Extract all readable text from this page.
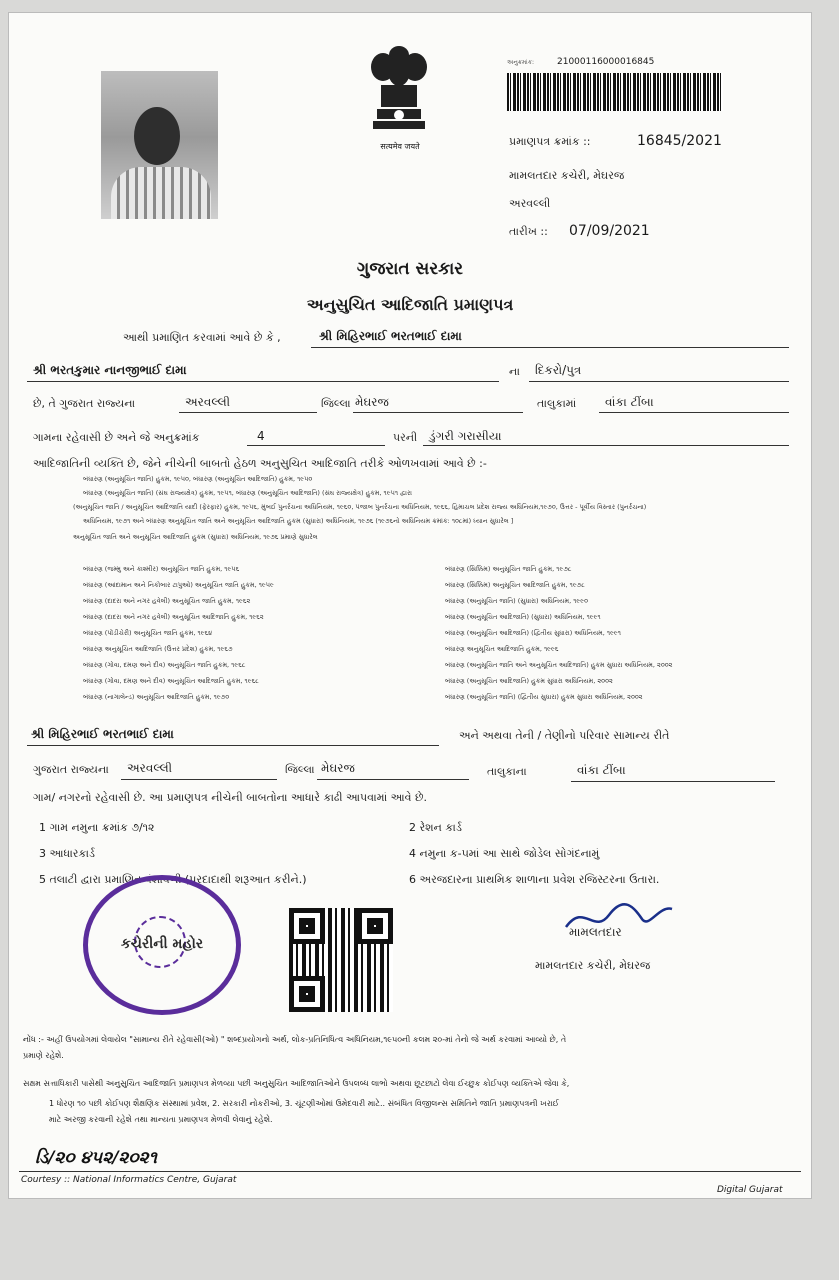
सत्यमेव जयते
અનુક્રમાંક:	21000116000016845
પ્રમાણપત્ર ક્રમાંક ::	16845/2021
મામલતદાર કચેરી, મેઘરજ
અરવલ્લી
તારીખ :: 07/09/2021
ગુજરાત સરકાર
અનુસુચિત આદિજાતિ પ્રમાણપત્ર
આથી પ્રમાણિત કરવામાં આવે છે કે ,	શ્રી મિહિરભાઈ ભરતભાઈ દામા
શ્રી ભરતકુમાર નાનજીભાઈ દામા	ના દિકરો/પુત્ર
છે, તે ગુજરાત રાજ્યના	અરવલ્લી	જિલ્લા મેઘરજ	તાલુકામાં વાંકા ટીંબા
ગામના રહેવાસી છે અને જે અનુક્રમાંક	4	પરની ડુંગરી ગરાસીયા
આદિજાતિની વ્યક્તિ છે, જેને નીચેની બાબતો હેઠળ અનુસુચિત આદિજાતિ તરીકે ઓળખવામાં આવે છે :-
બંધારણ (અનુસૂચિત જાતિ) હુકમ, ૧૯૫૦, બંધારણ (અનુસૂચિત આદિજાતિ) હુકમ, ૧૯૫૦
બંધારણ (અનુસૂચિત જાતિ) (સંઘ રાજ્યક્ષેત્ર) હુકમ, ૧૯૫૧, બંધારણ (અનુસૂચિત આદિજાતિ) (સંઘ રાજ્યક્ષેત્ર) હુકમ, ૧૯૫૧ દ્વારા
(અનુસૂચિત જાતિ / અનુસૂચિત આદિજાતિ યાદી (ફેરફાર) હુકમ, ૧૯૫૬, મુંબઈ પુનર્રચના અધિનિયમ, ૧૯૬૦, પંજાબ પુનર્રચના અધિનિયમ, ૧૯૬૬, હિમાચલ પ્રદેશ રાજ્ય અધિનિયમ,૧૯૭૦, ઉત્તર - પૂર્વીય વિસ્તાર (પુનર્રચના)
અધિનિયમ, ૧૯૭૧ અને બંધારણ અનુસૂચિત જાતિ અને અનુસૂચિત આદિજાતિ હુકમ (સુધારા) અધિનિયમ, ૧૯૭૬ (૧૯૭૬નો અધિનિયમ ક્રમાંક: ૧૦૮માં) ધ્યાન સુધારેલ ]
અનુસૂચિત જાતિ અને અનુસૂચિત આદિજાતિ હુકમ (સુધારા) અધિનિયમ, ૧૯૭૬ પ્રમાણે સુધારેલ
બંધારણ (જમ્મુ અને કાશ્મીર) અનુસૂચિત જાતિ હુકમ, ૧૯૫૬
બંધારણ (આંદામાન અને નિકોબાર ટાપુઓ) અનુસૂચિત જાતિ હુકમ, ૧૯૫૯
બંધારણ (દાદરા અને નગર હવેલી) અનુસૂચિત જાતિ હુકમ, ૧૯૬૨
બંધારણ (દાદરા અને નગર હવેલી) અનુસૂચિત આદિજાતિ હુકમ, ૧૯૬૨
બંધારણ (પોંડીચેરી) અનુસૂચિત જાતિ હુકમ, ૧૯૬૪
બંધારણ અનુસૂચિત આદિજાતિ (ઉત્તર પ્રદેશ) હુકમ, ૧૯૬૭
બંધારણ (ગોવા, દમણ અને દીવ) અનુસૂચિત જાતિ હુકમ, ૧૯૬૮
બંધારણ (ગોવા, દમણ અને દીવ) અનુસૂચિત આદિજાતિ હુકમ, ૧૯૬૮
બંધારણ (નાગાલેન્ડ) અનુસૂચિત આદિજાતિ હુકમ, ૧૯૭૦
બંધારણ (સિક્કિમ) અનુસૂચિત જાતિ હુકમ, ૧૯૭૮
બંધારણ (સિક્કિમ) અનુસૂચિત આદિજાતિ હુકમ, ૧૯૭૮
બંધારણ (અનુસૂચિત જાતિ) (સુધારા) અધિનિયમ, ૧૯૯૦
બંધારણ (અનુસૂચિત આદિજાતિ) (સુધારા) અધિનિયમ, ૧૯૯૧
બંધારણ (અનુસૂચિત આદિજાતિ) (દ્વિતીય સુધારા) અધિનિયમ, ૧૯૯૧
બંધારણ અનુસૂચિત આદિજાતિ હુકમ, ૧૯૯૬
બંધારણ (અનુસૂચિત જાતિ અને અનુસૂચિત આદિજાતિ) હુકમ સુધારા અધિનિયમ, ૨૦૦૨
બંધારણ (અનુસૂચિત આદિજાતિ) હુકમ સુધારા અધિનિયમ, ૨૦૦૨
બંધારણ (અનુસૂચિત જાતિ) (દ્વિતીય સુધારા) હુકમ સુધારા અધિનિયમ, ૨૦૦૨
શ્રી મિહિરભાઈ ભરતભાઈ દામા	અને અથવા તેની / તેણીનો પરિવાર સામાન્ય રીતે
ગુજરાત રાજ્યના અરવલ્લી	જિલ્લા મેઘરજ	તાલુકાના	વાંકા ટીંબા
ગામ/ નગરનો રહેવાસી છે. આ પ્રમાણપત્ર નીચેની બાબતોના આધારે કાઢી આપવામાં આવે છે.
1 ગામ નમુના ક્રમાંક ૭/૧૨	2 રેશન કાર્ડ
3 આધારકાર્ડ	4 નમુના ક-૫માં આ સાથે જોડેલ સોગંદનામું
5 તલાટી દ્વારા પ્રમાણિત વંશાવળી (પરદાદાથી શરૂઆત કરીને.)	6 અરજદારના પ્રાથમિક શાળાના પ્રવેશ રજિસ્ટરના ઉતારા.
કચેરીની મહોર
મામલતદાર
મામલતદાર કચેરી, મેઘરજ
નોંધ :- અહીં ઉપયોગમાં લેવાયેલ "સામાન્ય રીતે રહેવાસી(ઓ) " શબ્દપ્રયોગનો અર્થ, લોક-પ્રતિનિધિત્વ અધિનિયમ,૧૯૫૦ની કલમ ૨૦-માં તેનો જે અર્થ કરવામાં આવ્યો છે, તે
પ્રમાણે રહેશે.
સક્ષમ સત્તાધિકારી પાસેથી અનુસુચિત આદિજાતિ પ્રમાણપત્ર મેળવ્યા પછી અનુસુચિત આદિજાતિઓને ઉપલબ્ધ લાભો અથવા છૂટછાટો લેવા ઈચ્છુક કોઈપણ વ્યક્તિએ જેવા કે,
1 ધોરણ ૧૦ પછી કોઈપણ શૈક્ષણિક સંસ્થામાં પ્રવેશ, 2. સરકારી નોકરીઓ, 3. ચૂંટણીઓમાં ઉમેદવારી માટે.. સંબંધિત વિજીલન્સ સમિતિને જાતિ પ્રમાણપત્રની ખરાઈ
માટે અરજી કરવાની રહેશે તથા માન્યતા પ્રમાણપત્ર મેળવી લેવાનું રહેશે.
ડિ/૨૦ ૪૫૨/૨૦૨૧
Courtesy :: National Informatics Centre, Gujarat
Digital Gujarat
